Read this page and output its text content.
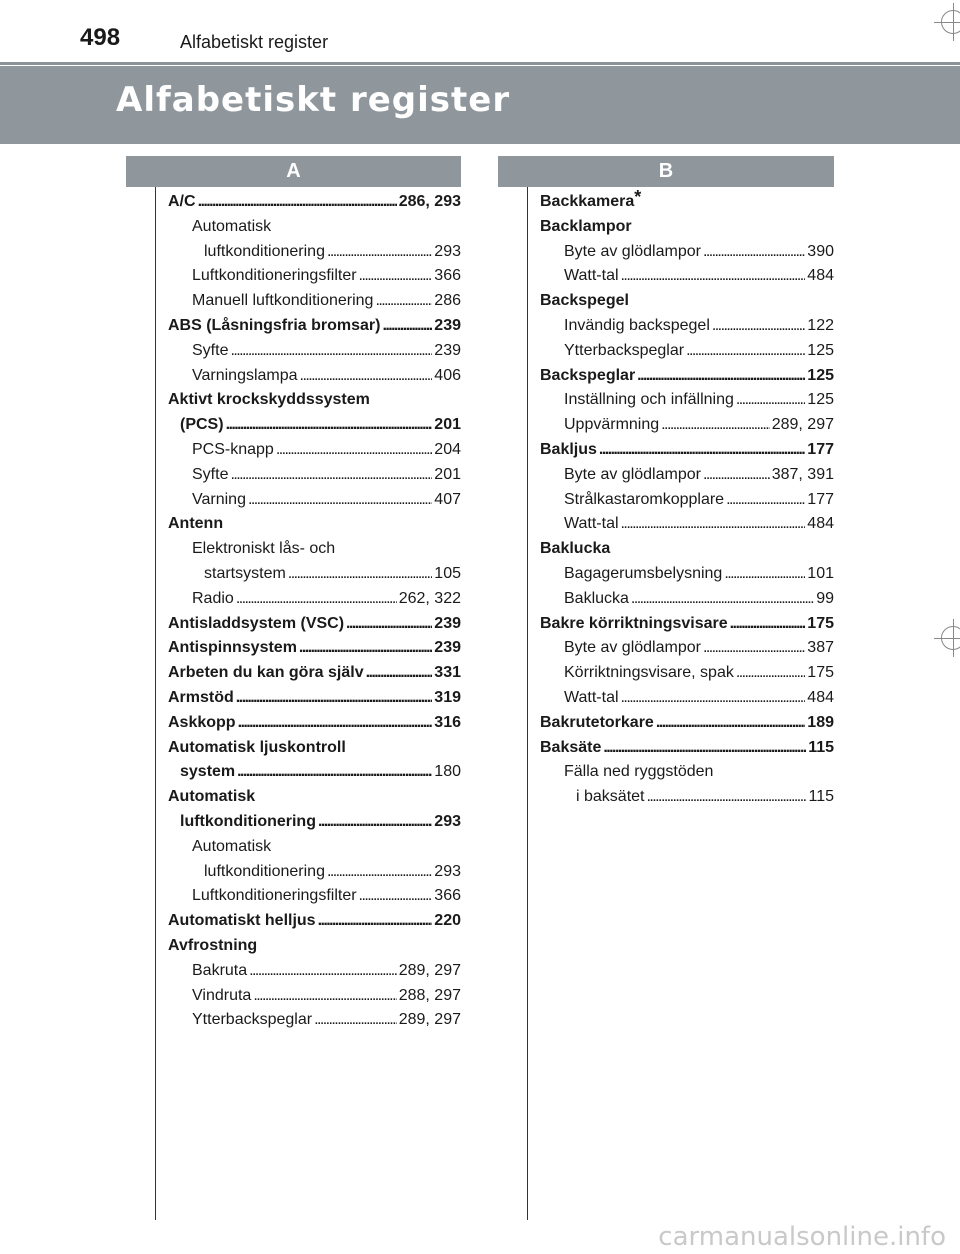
498	Alfabetiskt register
Alfabetiskt register
A	B
A/C . . .	286, 293
Automatisk
luftkonditionering . . .	293
Luftkonditioneringsfilter . . .	366
Manuell luftkonditionering . . .	286
ABS (Låsningsfria bromsar) . . .	239
Syfte . . .	239
Varningslampa . . .	406
Aktivt krockskyddssystem
(PCS) . . .	201
PCS-knapp . . .	204
Syfte . . .	201
Varning . . .	407
Antenn
Elektroniskt lås- och
startsystem . . .	105
Radio . . .	262, 322
Antisladdsystem (VSC) . . .	239
Antispinnsystem . . .	239
Arbeten du kan göra själv . . .	331
Armstöd . . .	319
Askkopp . . .	316
Automatisk ljuskontroll
system . . .	180
Automatisk
luftkonditionering . . .	293
Automatisk
luftkonditionering . . .	293
Luftkonditioneringsfilter . . .	366
Automatiskt helljus . . .	220
Avfrostning
Bakruta . . .	289, 297
Vindruta . . .	288, 297
Ytterbackspeglar . . .	289, 297
Backkamera*
Backlampor
Byte av glödlampor . . .	390
Watt-tal . . .	484
Backspegel
Invändig backspegel . . .	122
Ytterbackspeglar . . .	125
Backspeglar . . .	125
Inställning och infällning . . .	125
Uppvärmning . . .	289, 297
Bakljus . . .	177
Byte av glödlampor . . .	387, 391
Strålkastaromkopplare . . .	177
Watt-tal . . .	484
Baklucka
Bagagerumsbelysning . . .	101
Baklucka . . .	99
Bakre körriktningsvisare . . .	175
Byte av glödlampor . . .	387
Körriktningsvisare, spak . . .	175
Watt-tal . . .	484
Bakrutetorkare . . .	189
Baksäte . . .	115
Fälla ned ryggstöden
i baksätet . . .	115
carmanualsonline.info
